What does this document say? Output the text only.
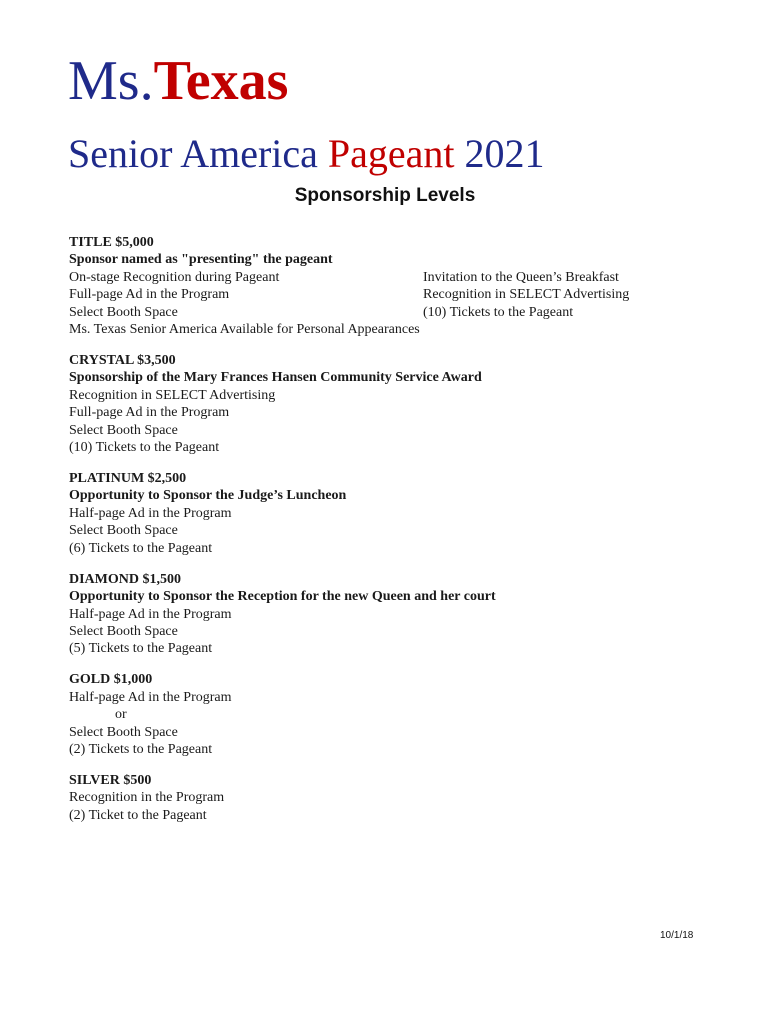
Ms.Texas
Senior America Pageant 2021
Sponsorship Levels
TITLE $5,000
Sponsor named as "presenting" the pageant
On-stage Recognition during Pageant	Invitation to the Queen’s Breakfast
Full-page Ad in the Program	Recognition in SELECT Advertising
Select Booth Space	(10) Tickets to the Pageant
Ms. Texas Senior America Available for Personal Appearances
CRYSTAL $3,500
Sponsorship of the Mary Frances Hansen Community Service Award
Recognition in SELECT Advertising
Full-page Ad in the Program
Select Booth Space
(10) Tickets to the Pageant
PLATINUM $2,500
Opportunity to Sponsor the Judge’s Luncheon
Half-page Ad in the Program
Select Booth Space
(6) Tickets to the Pageant
DIAMOND $1,500
Opportunity to Sponsor the Reception for the new Queen and her court
Half-page Ad in the Program
Select Booth Space
(5) Tickets to the Pageant
GOLD $1,000
Half-page Ad in the Program
or
Select Booth Space
(2) Tickets to the Pageant
SILVER $500
Recognition in the Program
(2) Ticket to the Pageant
10/1/18
